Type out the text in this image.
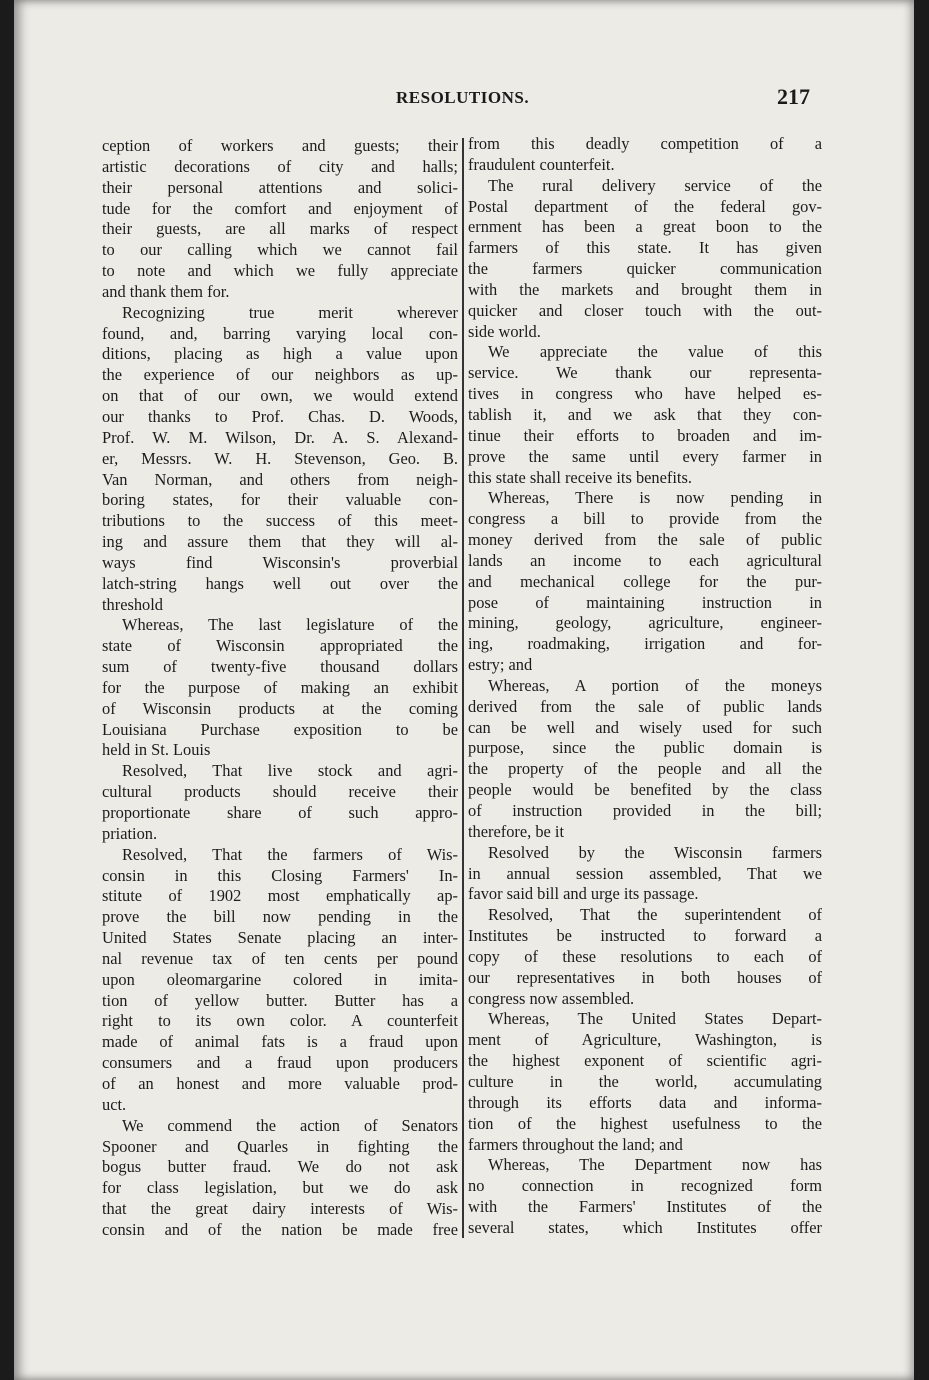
RESOLUTIONS.	217
ception of workers and guests; their
artistic decorations of city and halls;
their personal attentions and solici-
tude for the comfort and enjoyment of
their guests, are all marks of respect
to our calling which we cannot fail
to note and which we fully appreciate
and thank them for.
Recognizing true merit wherever
found, and, barring varying local con-
ditions, placing as high a value upon
the experience of our neighbors as up-
on that of our own, we would extend
our thanks to Prof. Chas. D. Woods,
Prof. W. M. Wilson, Dr. A. S. Alexand-
er, Messrs. W. H. Stevenson, Geo. B.
Van Norman, and others from neigh-
boring states, for their valuable con-
tributions to the success of this meet-
ing and assure them that they will al-
ways find Wisconsin's proverbial
latch-string hangs well out over the
threshold
Whereas, The last legislature of the
state of Wisconsin appropriated the
sum of twenty-five thousand dollars
for the purpose of making an exhibit
of Wisconsin products at the coming
Louisiana Purchase exposition to be
held in St. Louis
Resolved, That live stock and agri-
cultural products should receive their
proportionate share of such appro-
priation.
Resolved, That the farmers of Wis-
consin in this Closing Farmers' In-
stitute of 1902 most emphatically ap-
prove the bill now pending in the
United States Senate placing an inter-
nal revenue tax of ten cents per pound
upon oleomargarine colored in imita-
tion of yellow butter. Butter has a
right to its own color. A counterfeit
made of animal fats is a fraud upon
consumers and a fraud upon producers
of an honest and more valuable prod-
uct.
We commend the action of Senators
Spooner and Quarles in fighting the
bogus butter fraud. We do not ask
for class legislation, but we do ask
that the great dairy interests of Wis-
consin and of the nation be made free
from this deadly competition of a
fraudulent counterfeit.
The rural delivery service of the
Postal department of the federal gov-
ernment has been a great boon to the
farmers of this state. It has given
the farmers quicker communication
with the markets and brought them in
quicker and closer touch with the out-
side world.
We appreciate the value of this
service. We thank our representa-
tives in congress who have helped es-
tablish it, and we ask that they con-
tinue their efforts to broaden and im-
prove the same until every farmer in
this state shall receive its benefits.
Whereas, There is now pending in
congress a bill to provide from the
money derived from the sale of public
lands an income to each agricultural
and mechanical college for the pur-
pose of maintaining instruction in
mining, geology, agriculture, engineer-
ing, roadmaking, irrigation and for-
estry; and
Whereas, A portion of the moneys
derived from the sale of public lands
can be well and wisely used for such
purpose, since the public domain is
the property of the people and all the
people would be benefited by the class
of instruction provided in the bill;
therefore, be it
Resolved by the Wisconsin farmers
in annual session assembled, That we
favor said bill and urge its passage.
Resolved, That the superintendent of
Institutes be instructed to forward a
copy of these resolutions to each of
our representatives in both houses of
congress now assembled.
Whereas, The United States Depart-
ment of Agriculture, Washington, is
the highest exponent of scientific agri-
culture in the world, accumulating
through its efforts data and informa-
tion of the highest usefulness to the
farmers throughout the land; and
Whereas, The Department now has
no connection in recognized form
with the Farmers' Institutes of the
several states, which Institutes offer
